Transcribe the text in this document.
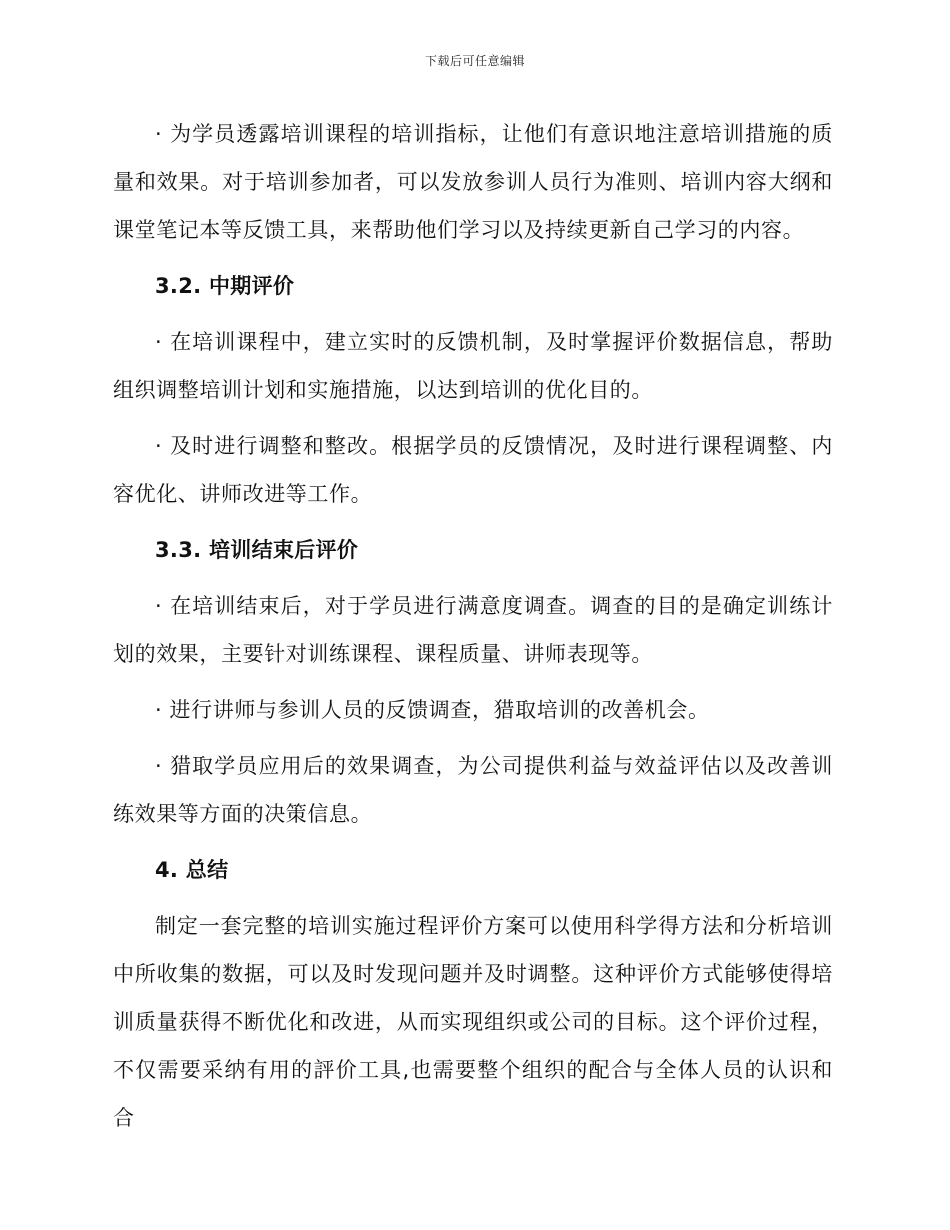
下载后可任意编辑

· 为学员透露培训课程的培训指标，让他们有意识地注意培训措施的质量和效果。对于培训参加者，可以发放参训人员行为准则、培训内容大纲和课堂笔记本等反馈工具，来帮助他们学习以及持续更新自己学习的内容。

3.2. 中期评价

· 在培训课程中，建立实时的反馈机制，及时掌握评价数据信息，帮助组织调整培训计划和实施措施，以达到培训的优化目的。

· 及时进行调整和整改。根据学员的反馈情况，及时进行课程调整、内容优化、讲师改进等工作。

3.3. 培训结束后评价

· 在培训结束后，对于学员进行满意度调查。调查的目的是确定训练计划的效果，主要针对训练课程、课程质量、讲师表现等。

· 进行讲师与参训人员的反馈调查，猎取培训的改善机会。

· 猎取学员应用后的效果调查，为公司提供利益与效益评估以及改善训练效果等方面的决策信息。

4. 总结

制定一套完整的培训实施过程评价方案可以使用科学得方法和分析培训中所收集的数据，可以及时发现问题并及时调整。这种评价方式能够使得培训质量获得不断优化和改进，从而实现组织或公司的目标。这个评价过程，不仅需要采纳有用的評价工具,也需要整个组织的配合与全体人员的认识和合
